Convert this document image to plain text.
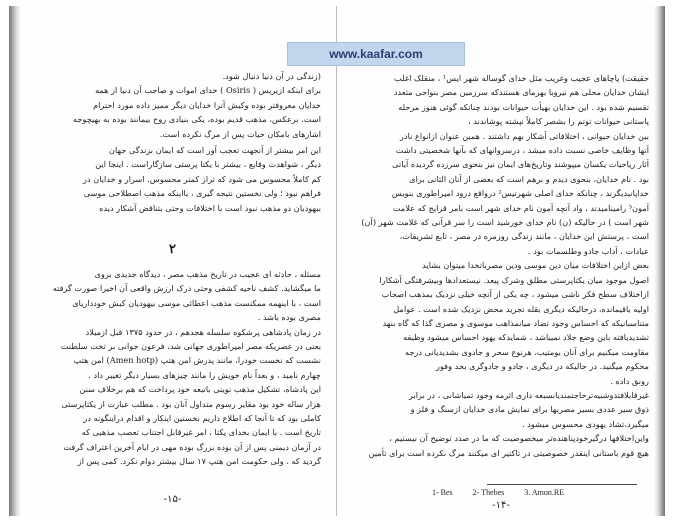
(زندگی در آن دنیا دنبال شود.

برای اینکه ازیریس ( Osiris ) خدای اموات و صاحب آن دنیا از همه

خدایان معروفتر بوده وکیش آنرا خدایان دیگر ممیز داده مورد احترام

است. برعکس، مذهب قدیم بوده، یکی بنیادی روح بیمانند بوده به بهیچوجه

اشارهای بامکان حیات پس از مرگ نکرده است.

این امر بیشتر از آنجهت تعجب آور است که ایمان بزندگی جهان

دیگر ، شواهدت وقایع ، بیشتر با یکتا پرستی سازگاراست . اینجا این

کم کاملاً محسوس می شود که تراز کمتر محسوس. اسرار و خدایان در

فراهم نبود ؛ ولی نخستین نتیجه گیری ، بااینکه مذهب اصطلاحی موسی

بیهودیان دو مذهب نبود است با اختلافات وحتی بتناقض آشکار دیده

۲

مسئله ، حادثه ای عجیب در تاریخ مذهب مصر ، دیدگاه جدیدی بروی

ما میگشاید. کشف ناحیه کشفی وحتی درک ارزش واقعی آن اخیرا صورت گرفته

است ، با اینهمه ممکنست مذهب اعطائی موسی بیهودیان کیش خودداریای

مصری بوده باشد .

در زمان پادشاهی پرشکوه سلسله هجدهم ، در حدود ۱۳۷۵ قبل ازمیلاد

یعنی در عصریکه مصر امپراطوری جهانی شد، فرعون جوانی بر تخت سلطنت

نشست که نخست خودرا، مانند پدرش امن هتپ (Amen hotp) امن هتپ

چهارم نامید ، و بعداً نام خویش را مانند چیزهای بسیار دیگر تغییر داد .

این پادشاه، تشکیل مذهب نوینی باتبعه خود پرداخت که هم برخلاف سنن

هزار ساله خود بود مقایر رسوم متداول آنان بود . مطلب عبارت از یکتاپرستی

کاملی بود که تا آنجا که اطلاع داریم نخستین اینکار و اقدام دراینگونه در

تاریخ است . با ایمان بخدای یکتا ، امر غیرقابل اجتناب تعصب مذهبی که

در آزمان دیمنی پس از آن بوده بزرگ بوده مهی در ایام آخرین اعتراف گرفت

گردید که . ولی حکومت امن هتپ ۱۷ سال بیشتر دوام نکرد. کمی پس از

-۱۵-

حقیقت) پاچاهای عجیب وغریب مثل خدای گوساله شهر ایس¹ ، منقلک اغلب

ایشان خدایان محلی هم نیروبا بهرمای هستندکه سرزمین مصر بنواحی متعدد

تقسیم شده بود . این خدایان بهیأت حیوانات بودند چنانکه گوئی هنوز مرحله

پاستانی حیوانات توتم را بشصر کاملاً نپشته پوشاندند ،

بین خدایان حیوانی ، اختلافاتی آشکار بهم داشتند . همبن عنوان ازانواع نادر

آنها وظایف خاصی نسبت داده میشد ، درسروانهای که بآنها شخصیتی داشت

آثار ریاحیات یکسان میپوشند وتاریخ‌های ایمان نیز بنحوی سرزده گردیده آیاتی

بود . نام خدایان، بنحوی دیدم و برهم است که بعضی از آنان الثانی برای

خداپانبدیگرند ، چنانکه خدای اصلی شهرتیس² درواقع درود امپراطوری بنویس

آمون³ رامینامیدند ، واد آنچه آمون نام خدای شهر است بامر قرایج که علامت

شهر است ) در حالیکه (ن) نام خدای خورشید است را سر قرآنی که غلامت شهر (آن)

است ، پرستش این خدایان ، مانند زندگی روزمره در مصر ، تابع تشریفات،

عبادات ، آداب جادو وطلسمات بود .

بعض ازاین اختلافات میان دین موسی ودین مصرباتخدا میتوان بشاید

اصول موجود میان یکتاپرستی مطلق وشرک پیعد. نیستعدادها وبیشرفتگی آشکارا

ازاختلاف سطح فکر ناشی میشود ، چه یکی از آنچه خیلی نزدیک بمذهب اصحاب

اولیه باقیمانده، درحالیکه دیگری بقله تجرید محض نزدیک شده است . عوامل

متناسبانیکه که احساس وجود تضاد میانمذاهب موسوی و مصری گذا که گاه بنهد

تشدیدیافته باین وضع جلاد نمیباشد ، شمایدکه یهود احساس میشود وظیفه

مقاومت میکنیم برای آنان بومتیب، هرنوع سحر و جادوی بشدیدیانی درجه

محکوم میگنید. در حالیکه در دیگری ، جادو و جادوگری بحد وفور

رونق داده .

غیرقابلافتدوشبیه‌ترحاجتمندیانسبعه داری اثرمه وجود تمیاشانی ، در برابر

ذوق سیر عددی بسیر مصریها برای نمایش مادی خدایان ازسنگ و فلز و

میگیرد،تشاد یهودی محسوس میشود .

واین‌اختلافها درگیرخودپناهنده‌تر میخصوصیت که ما در صدد توضیح آن نیستیم ،

هیچ قوم باستانی اینقدر خصوصیتی در تاکتیر ای میکنند مرگ نکرده است برای تأمین

1- Bes	2- Thebes	3. Amon.RE
-۱۴-
www.kaafar.com
